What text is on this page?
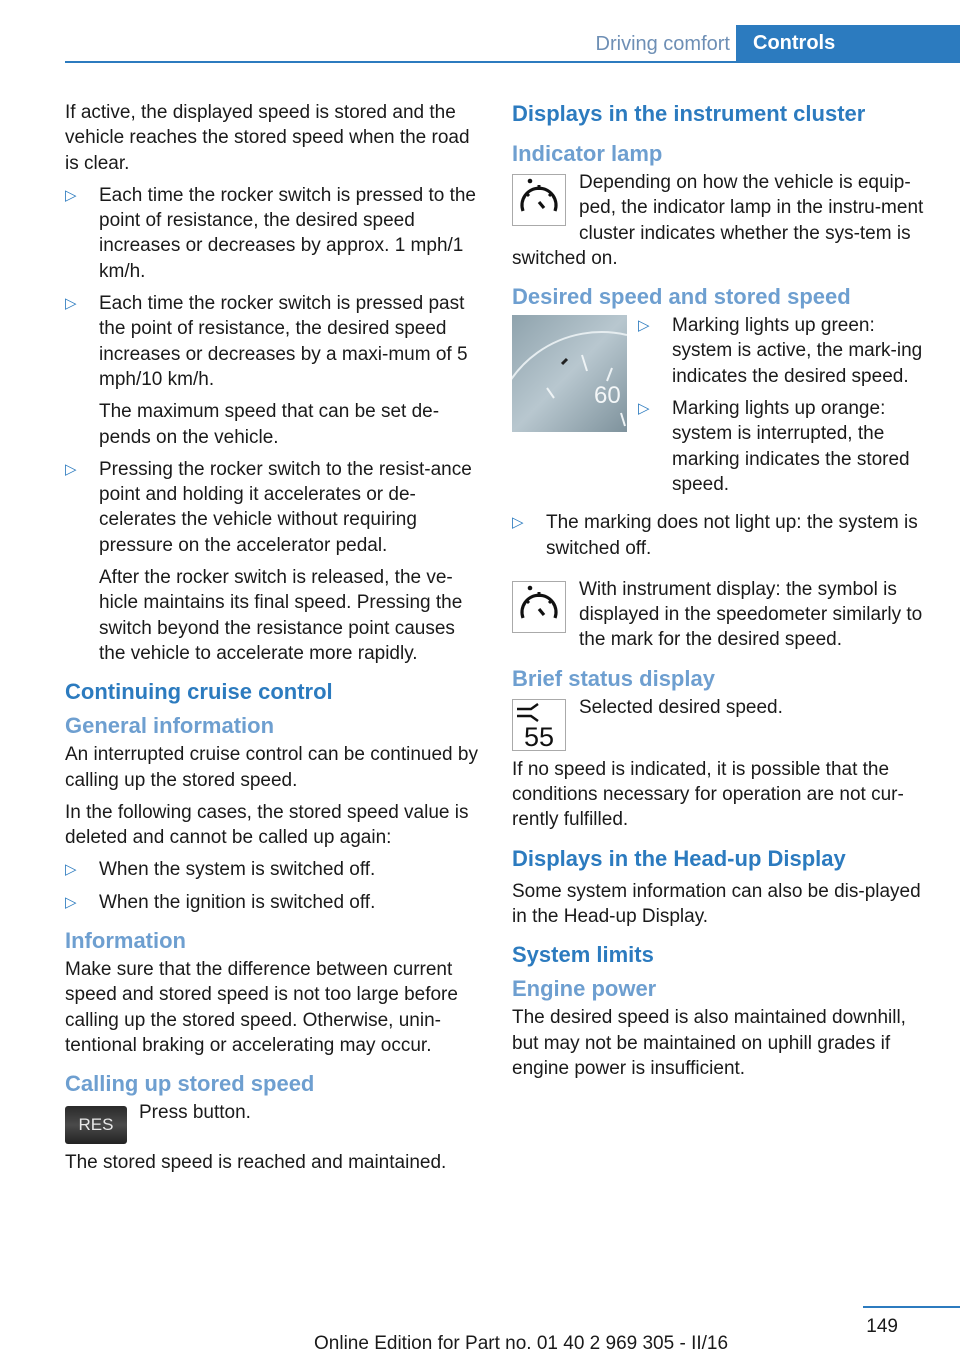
Driving comfort	Controls

If active, the displayed speed is stored and the vehicle reaches the stored speed when the road is clear.

▷ Each time the rocker switch is pressed to the point of resistance, the desired speed increases or decreases by approx. 1 mph/1 km/h.
▷ Each time the rocker switch is pressed past the point of resistance, the desired speed increases or decreases by a maxi‐mum of 5 mph/10 km/h.
The maximum speed that can be set de‐pends on the vehicle.
▷ Pressing the rocker switch to the resist‐ance point and holding it accelerates or de‐celerates the vehicle without requiring pressure on the accelerator pedal.
After the rocker switch is released, the ve‐hicle maintains its final speed. Pressing the switch beyond the resistance point causes the vehicle to accelerate more rapidly.
Continuing cruise control
General information

An interrupted cruise control can be continued by calling up the stored speed.

In the following cases, the stored speed value is deleted and cannot be called up again:

▷ When the system is switched off.
▷ When the ignition is switched off.
Information

Make sure that the difference between current speed and stored speed is not too large before calling up the stored speed. Otherwise, unin‐tentional braking or accelerating may occur.

Calling up stored speed
RES

Press button.

The stored speed is reached and maintained.

Displays in the instrument cluster
Indicator lamp
Depending on how the vehicle is equip‐ped, the indicator lamp in the instru‐ment cluster indicates whether the sys‐tem is switched on.
Desired speed and stored speed
60
▷ Marking lights up green: system is active, the mark‐ing indicates the desired speed.
▷ Marking lights up orange: system is interrupted, the marking indicates the stored speed.
▷ The marking does not light up: the system is switched off.
With instrument display: the symbol is displayed in the speedometer similarly to the mark for the desired speed.
Brief status display
55
Selected desired speed.

If no speed is indicated, it is possible that the conditions necessary for operation are not cur‐rently fulfilled.

Displays in the Head-up Display

Some system information can also be dis‐played in the Head-up Display.

System limits
Engine power

The desired speed is also maintained downhill, but may not be maintained on uphill grades if engine power is insufficient.

149
Online Edition for Part no. 01 40 2 969 305 - II/16
